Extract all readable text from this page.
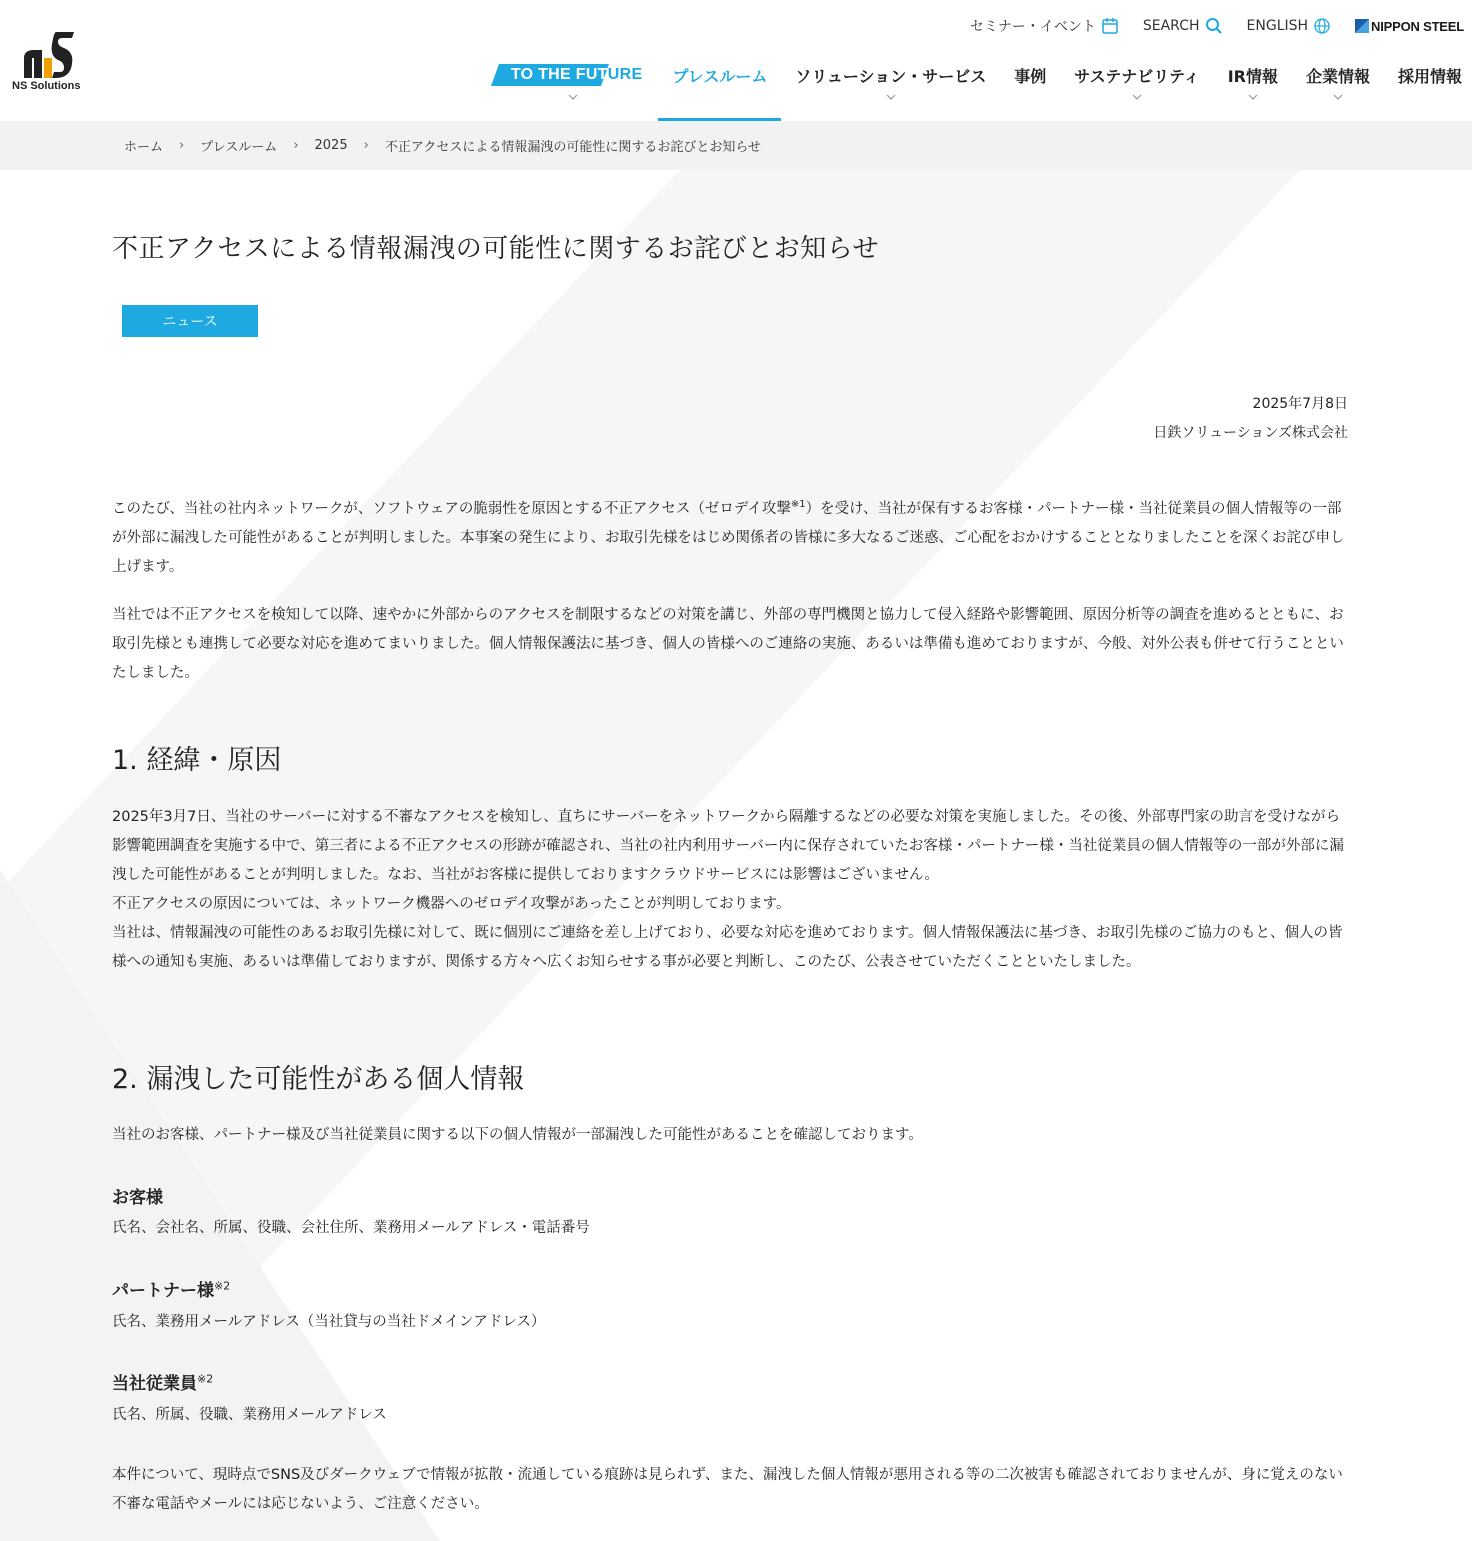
NS Solutions
セミナー・イベント	SEARCH	ENGLISH	NIPPON STEEL
TO THE FUTURE	プレスルーム ソリューション・サービス 事例 サステナビリティ IR情報 企業情報 採用情報
ホーム › プレスルーム › 2025 › 不正アクセスによる情報漏洩の可能性に関するお詫びとお知らせ
不正アクセスによる情報漏洩の可能性に関するお詫びとお知らせ
ニュース
2025年7月8日
日鉄ソリューションズ株式会社

このたび、当社の社内ネットワークが、ソフトウェアの脆弱性を原因とする不正アクセス（ゼロデイ攻撃$^{※1}$）を受け、当社が保有するお客様・パートナー様・当社従業員の個人情報等の一部が外部に漏洩した可能性があることが判明しました。本事案の発生により、お取引先様をはじめ関係者の皆様に多大なるご迷惑、ご心配をおかけすることとなりましたことを深くお詫び申し上げます。

当社では不正アクセスを検知して以降、速やかに外部からのアクセスを制限するなどの対策を講じ、外部の専門機関と協力して侵入経路や影響範囲、原因分析等の調査を進めるとともに、お取引先様とも連携して必要な対応を進めてまいりました。個人情報保護法に基づき、個人の皆様へのご連絡の実施、あるいは準備も進めておりますが、今般、対外公表も併せて行うことといたしました。

1. 経緯・原因

2025年3月7日、当社のサーバーに対する不審なアクセスを検知し、直ちにサーバーをネットワークから隔離するなどの必要な対策を実施しました。その後、外部専門家の助言を受けながら影響範囲調査を実施する中で、第三者による不正アクセスの形跡が確認され、当社の社内利用サーバー内に保存されていたお客様・パートナー様・当社従業員の個人情報等の一部が外部に漏洩した可能性があることが判明しました。なお、当社がお客様に提供しておりますクラウドサービスには影響はございません。

不正アクセスの原因については、ネットワーク機器へのゼロデイ攻撃があったことが判明しております。

当社は、情報漏洩の可能性のあるお取引先様に対して、既に個別にご連絡を差し上げており、必要な対応を進めております。個人情報保護法に基づき、お取引先様のご協力のもと、個人の皆様への通知も実施、あるいは準備しておりますが、関係する方々へ広くお知らせする事が必要と判断し、このたび、公表させていただくことといたしました。

2. 漏洩した可能性がある個人情報

当社のお客様、パートナー様及び当社従業員に関する以下の個人情報が一部漏洩した可能性があることを確認しております。

お客様

氏名、会社名、所属、役職、会社住所、業務用メールアドレス・電話番号

パートナー様$^{※2}$

氏名、業務用メールアドレス（当社貸与の当社ドメインアドレス）

当社従業員$^{※2}$

氏名、所属、役職、業務用メールアドレス

本件について、現時点でSNS及びダークウェブで情報が拡散・流通している痕跡は見られず、また、漏洩した個人情報が悪用される等の二次被害も確認されておりませんが、身に覚えのない不審な電話やメールには応じないよう、ご注意ください。
